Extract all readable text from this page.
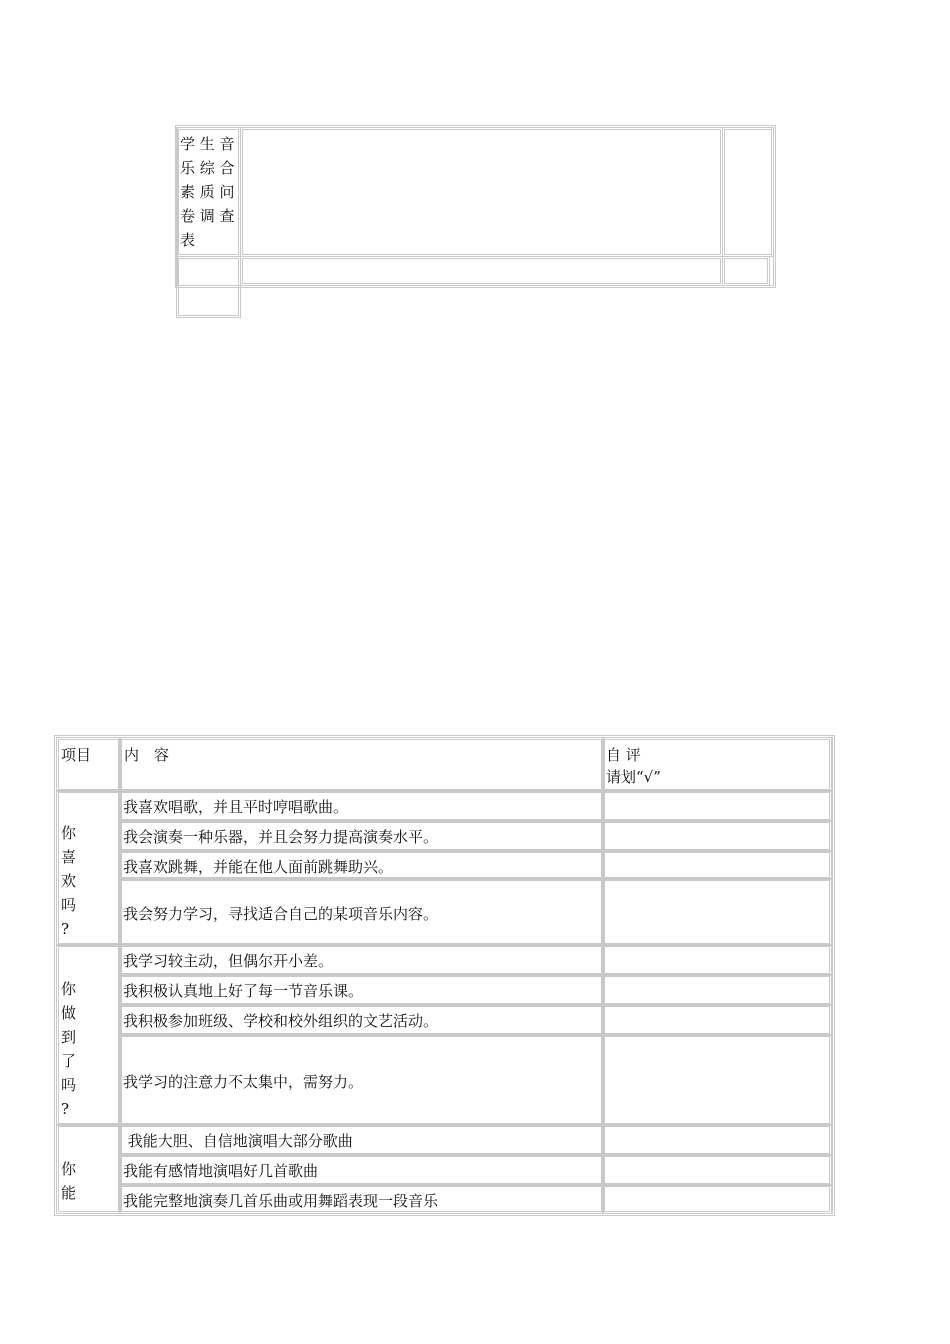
学 生 音
乐 综 合
素 质 问
卷 调 查
表
项目	内　容	自 评
请划“√”
你
喜
欢
吗
?
我喜欢唱歌，并且平时哼唱歌曲。
我会演奏一种乐器，并且会努力提高演奏水平。
我喜欢跳舞，并能在他人面前跳舞助兴。
我会努力学习，寻找适合自己的某项音乐内容。
你
做
到
了
吗
?
我学习较主动，但偶尔开小差。
我积极认真地上好了每一节音乐课。
我积极参加班级、学校和校外组织的文艺活动。
我学习的注意力不太集中，需努力。
你
能
我能大胆、自信地演唱大部分歌曲
我能有感情地演唱好几首歌曲
我能完整地演奏几首乐曲或用舞蹈表现一段音乐
